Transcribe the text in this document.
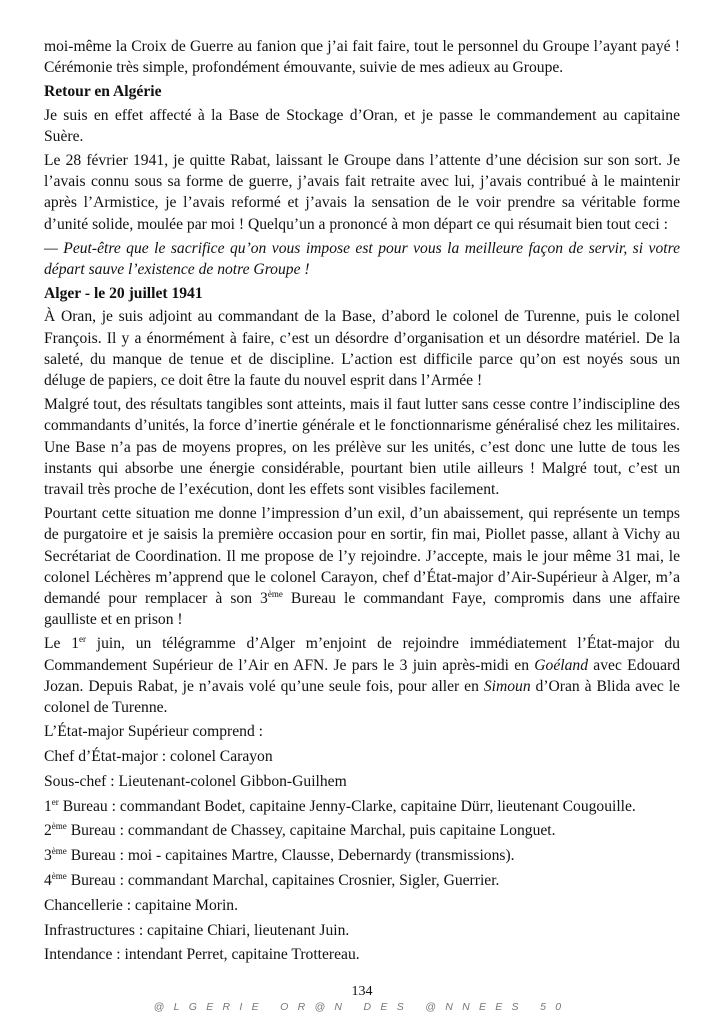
moi-même la Croix de Guerre au fanion que j’ai fait faire, tout le personnel du Groupe l’ayant payé ! Cérémonie très simple, profondément émouvante, suivie de mes adieux au Groupe.

Retour en Algérie

Je suis en effet affecté à la Base de Stockage d’Oran, et je passe le commandement au capitaine Suère.

Le 28 février 1941, je quitte Rabat, laissant le Groupe dans l’attente d’une décision sur son sort. Je l’avais connu sous sa forme de guerre, j’avais fait retraite avec lui, j’avais contribué à le maintenir après l’Armistice, je l’avais reformé et j’avais la sensation de le voir prendre sa véritable forme d’unité solide, moulée par moi ! Quelqu’un a prononcé à mon départ ce qui résumait bien tout ceci :

— Peut-être que le sacrifice qu’on vous impose est pour vous la meilleure façon de servir, si votre départ sauve l’existence de notre Groupe !

Alger - le 20 juillet 1941

À Oran, je suis adjoint au commandant de la Base, d’abord le colonel de Turenne, puis le colonel François. Il y a énormément à faire, c’est un désordre d’organisation et un désordre matériel. De la saleté, du manque de tenue et de discipline. L’action est difficile parce qu’on est noyés sous un déluge de papiers, ce doit être la faute du nouvel esprit dans l’Armée !

Malgré tout, des résultats tangibles sont atteints, mais il faut lutter sans cesse contre l’indiscipline des commandants d’unités, la force d’inertie générale et le fonctionnarisme généralisé chez les militaires. Une Base n’a pas de moyens propres, on les prélève sur les unités, c’est donc une lutte de tous les instants qui absorbe une énergie considérable, pourtant bien utile ailleurs ! Malgré tout, c’est un travail très proche de l’exécution, dont les effets sont visibles facilement.

Pourtant cette situation me donne l’impression d’un exil, d’un abaissement, qui représente un temps de purgatoire et je saisis la première occasion pour en sortir, fin mai, Piollet passe, allant à Vichy au Secrétariat de Coordination. Il me propose de l’y rejoindre. J’accepte, mais le jour même 31 mai, le colonel Léchères m’apprend que le colonel Carayon, chef d’État-major d’Air-Supérieur à Alger, m’a demandé pour remplacer à son 3ème Bureau le commandant Faye, compromis dans une affaire gaulliste et en prison !

Le 1er juin, un télégramme d’Alger m’enjoint de rejoindre immédiatement l’État-major du Commandement Supérieur de l’Air en AFN. Je pars le 3 juin après-midi en Goéland avec Edouard Jozan. Depuis Rabat, je n’avais volé qu’une seule fois, pour aller en Simoun d’Oran à Blida avec le colonel de Turenne.

L’État-major Supérieur comprend :

Chef d’État-major : colonel Carayon

Sous-chef : Lieutenant-colonel Gibbon-Guilhem

1er Bureau : commandant Bodet, capitaine Jenny-Clarke, capitaine Dürr, lieutenant Cougouille.

2ème Bureau : commandant de Chassey, capitaine Marchal, puis capitaine Longuet.

3ème Bureau : moi - capitaines Martre, Clausse, Debernardy (transmissions).

4ème Bureau : commandant Marchal, capitaines Crosnier, Sigler, Guerrier.

Chancellerie : capitaine Morin.

Infrastructures : capitaine Chiari, lieutenant Juin.

Intendance : intendant Perret, capitaine Trottereau.

134
@LGERIE OR@N DES @NNEES 50
